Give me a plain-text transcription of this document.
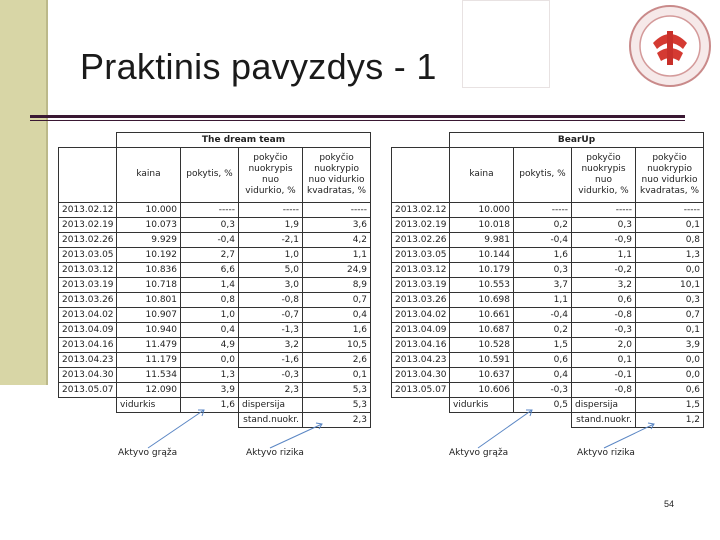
Praktinis pavyzdys - 1
	The dream team			
	kaina	pokytis, %	pokyčio nuokrypis nuo vidurkio, %	pokyčio nuokrypio nuo vidurkio kvadratas, %
2013.02.12	10.000	-----	-----	-----
2013.02.19	10.073	0,3	1,9	3,6
2013.02.26	9.929	-0,4	-2,1	4,2
2013.03.05	10.192	2,7	1,0	1,1
2013.03.12	10.836	6,6	5,0	24,9
2013.03.19	10.718	1,4	3,0	8,9
2013.03.26	10.801	0,8	-0,8	0,7
2013.04.02	10.907	1,0	-0,7	0,4
2013.04.09	10.940	0,4	-1,3	1,6
2013.04.16	11.479	4,9	3,2	10,5
2013.04.23	11.179	0,0	-1,6	2,6
2013.04.30	11.534	1,3	-0,3	0,1
2013.05.07	12.090	3,9	2,3	5,3
	vidurkis	1,6	dispersija	5,3
			stand.nuokr.	2,3
	BearUp			
	kaina	pokytis, %	pokyčio nuokrypis nuo vidurkio, %	pokyčio nuokrypio nuo vidurkio kvadratas, %
2013.02.12	10.000	-----	-----	-----
2013.02.19	10.018	0,2	0,3	0,1
2013.02.26	9.981	-0,4	-0,9	0,8
2013.03.05	10.144	1,6	1,1	1,3
2013.03.12	10.179	0,3	-0,2	0,0
2013.03.19	10.553	3,7	3,2	10,1
2013.03.26	10.698	1,1	0,6	0,3
2013.04.02	10.661	-0,4	-0,8	0,7
2013.04.09	10.687	0,2	-0,3	0,1
2013.04.16	10.528	1,5	2,0	3,9
2013.04.23	10.591	0,6	0,1	0,0
2013.04.30	10.637	0,4	-0,1	0,0
2013.05.07	10.606	-0,3	-0,8	0,6
	vidurkis	0,5	dispersija	1,5
			stand.nuokr.	1,2
Aktyvo grąža	Aktyvo rizika	Aktyvo grąža	Aktyvo rizika
54
